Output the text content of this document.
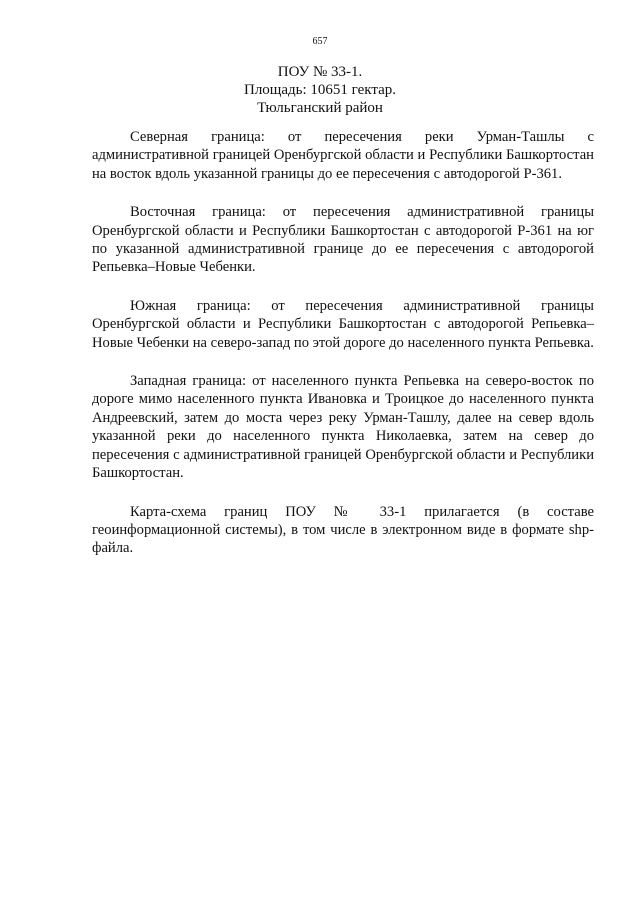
657
ПОУ № 33-1.
Площадь: 10651 гектар.
Тюльганский район

Северная граница: от пересечения реки Урман-Ташлы с административной границей Оренбургской области и Республики Башкортостан на восток вдоль указанной границы до ее пересечения с автодорогой Р-361.

Восточная граница: от пересечения административной границы Оренбургской области и Республики Башкортостан с автодорогой Р-361 на юг по указанной административной границе до ее пересечения с автодорогой Репьевка–Новые Чебенки.

Южная граница: от пересечения административной границы Оренбургской области и Республики Башкортостан с автодорогой Репьевка–Новые Чебенки на северо-запад по этой дороге до населенного пункта Репьевка.

Западная граница: от населенного пункта Репьевка на северо-восток по дороге мимо населенного пункта Ивановка и Троицкое до населенного пункта Андреевский, затем до моста через реку Урман-Ташлу, далее на север вдоль указанной реки до населенного пункта Николаевка, затем на север до пересечения с административной границей Оренбургской области и Республики Башкортостан.

Карта-схема границ ПОУ № 33-1 прилагается (в составе геоинформационной системы), в том числе в электронном виде в формате shp-файла.
